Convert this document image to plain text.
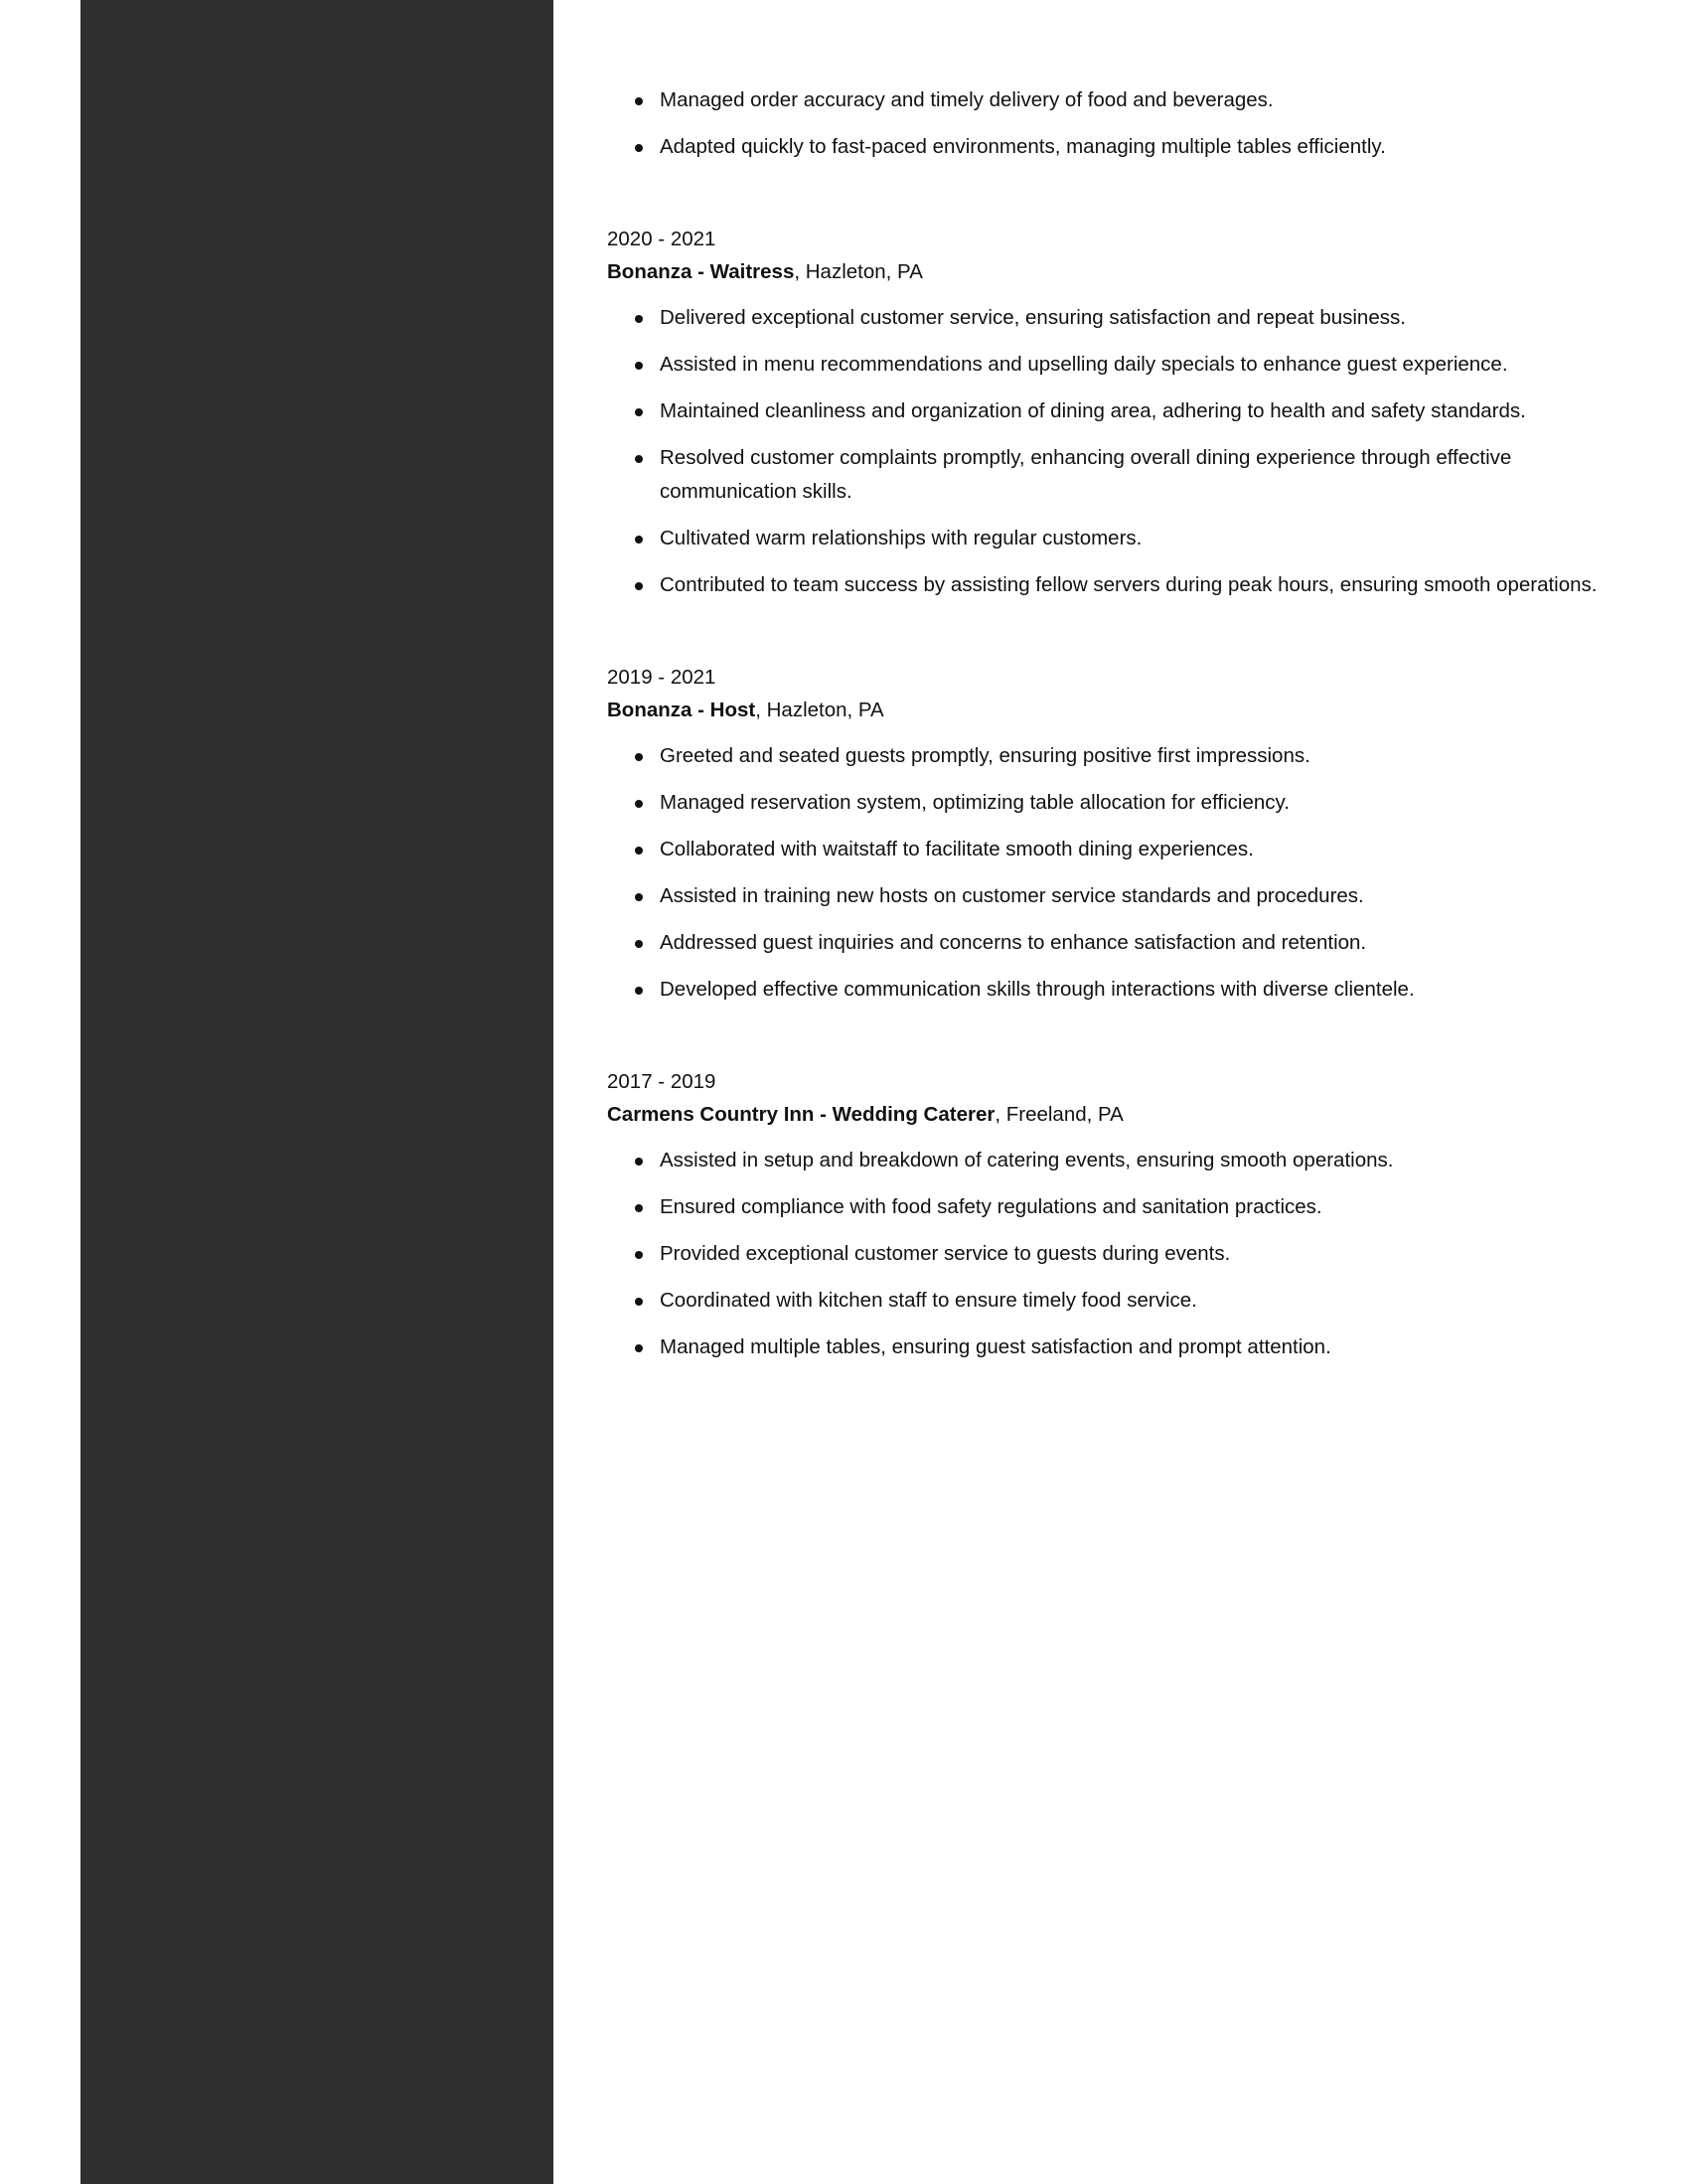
Managed order accuracy and timely delivery of food and beverages.
Adapted quickly to fast-paced environments, managing multiple tables efficiently.
2020 - 2021
Bonanza - Waitress, Hazleton, PA
Delivered exceptional customer service, ensuring satisfaction and repeat business.
Assisted in menu recommendations and upselling daily specials to enhance guest experience.
Maintained cleanliness and organization of dining area, adhering to health and safety standards.
Resolved customer complaints promptly, enhancing overall dining experience through effective communication skills.
Cultivated warm relationships with regular customers.
Contributed to team success by assisting fellow servers during peak hours, ensuring smooth operations.
2019 - 2021
Bonanza - Host, Hazleton, PA
Greeted and seated guests promptly, ensuring positive first impressions.
Managed reservation system, optimizing table allocation for efficiency.
Collaborated with waitstaff to facilitate smooth dining experiences.
Assisted in training new hosts on customer service standards and procedures.
Addressed guest inquiries and concerns to enhance satisfaction and retention.
Developed effective communication skills through interactions with diverse clientele.
2017 - 2019
Carmens Country Inn - Wedding Caterer, Freeland, PA
Assisted in setup and breakdown of catering events, ensuring smooth operations.
Ensured compliance with food safety regulations and sanitation practices.
Provided exceptional customer service to guests during events.
Coordinated with kitchen staff to ensure timely food service.
Managed multiple tables, ensuring guest satisfaction and prompt attention.
